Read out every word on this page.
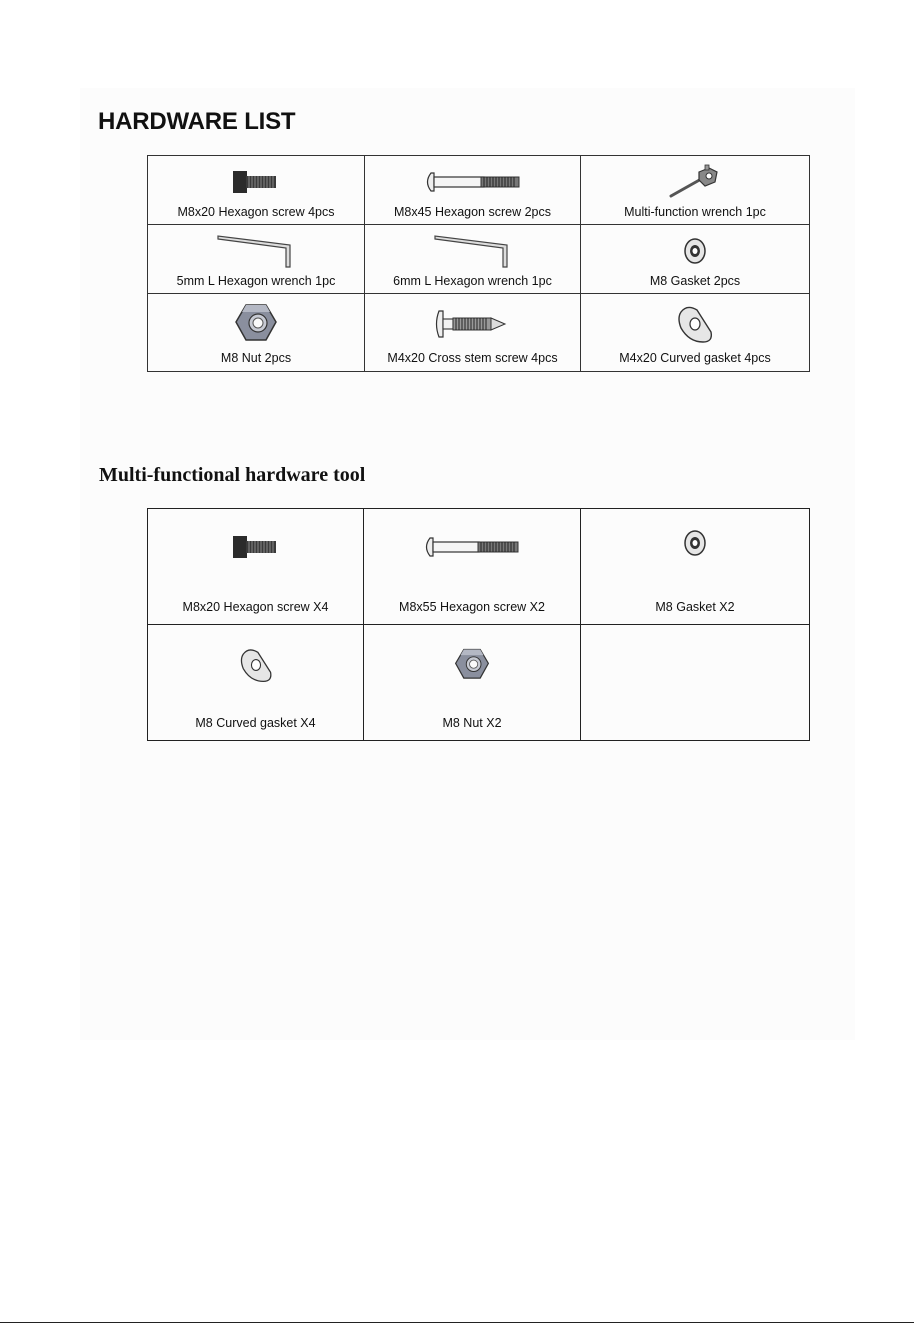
HARDWARE LIST
M8x20 Hexagon screw 4pcs	M8x45 Hexagon screw 2pcs	Multi-function wrench 1pc

5mm L Hexagon wrench 1pc	6mm L Hexagon wrench 1pc	M8 Gasket 2pcs

M8 Nut 2pcs	M4x20 Cross stem screw 4pcs	M4x20 Curved gasket 4pcs
Multi-functional hardware tool
M8x20 Hexagon screw X4	M8x55 Hexagon screw X2	M8 Gasket X2

M8 Curved gasket X4	M8 Nut X2	
